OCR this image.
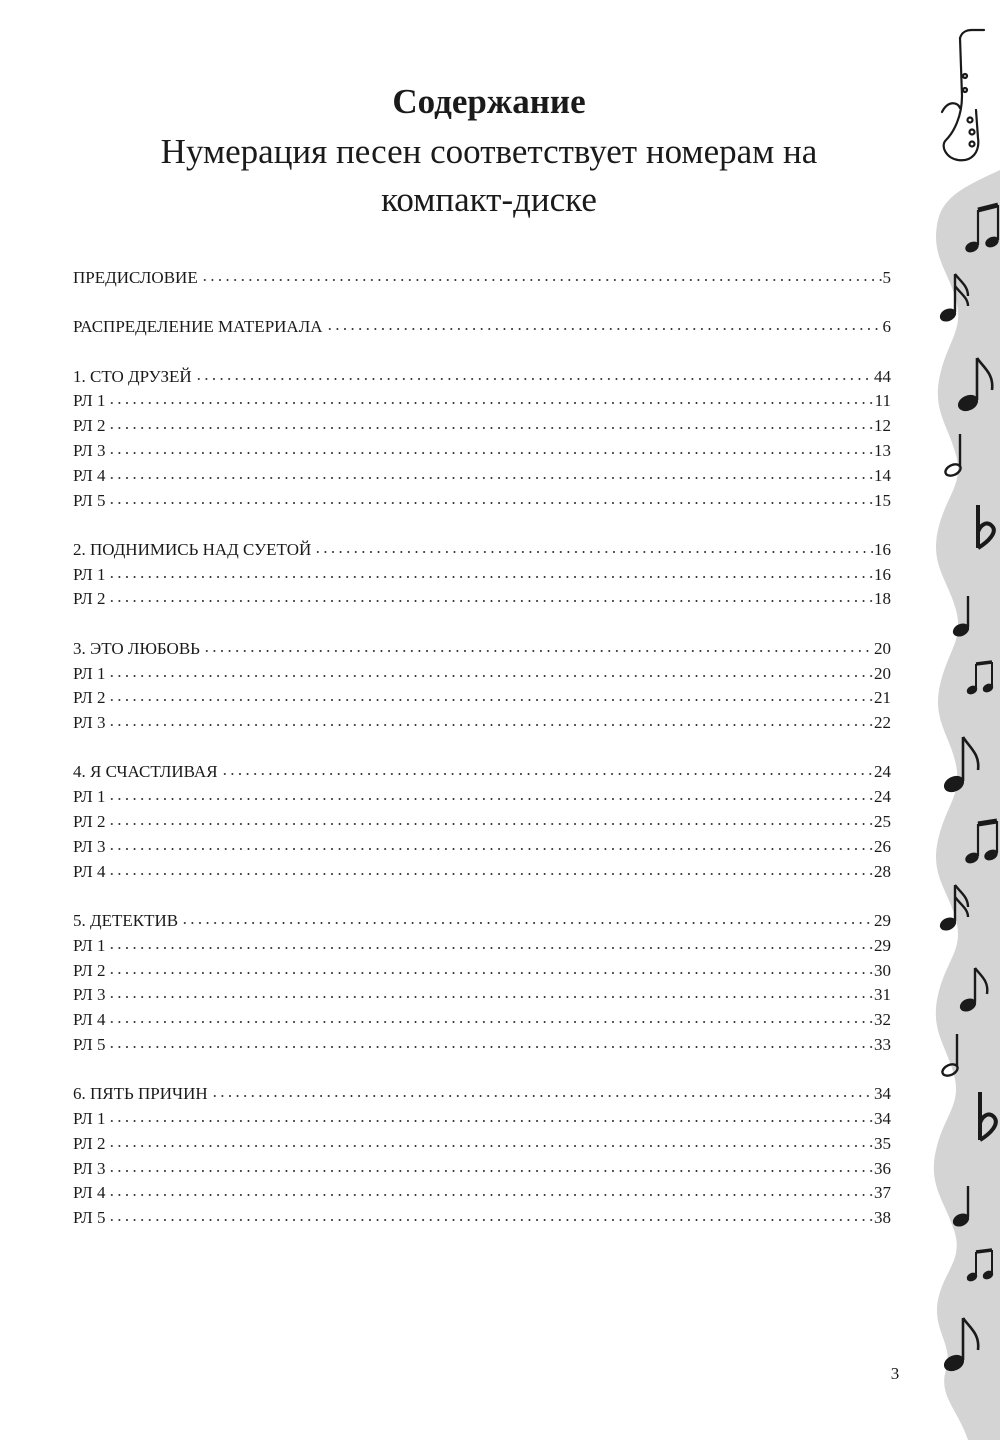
Содержание
Нумерация песен соответствует номерам на
компакт-диске
ПРЕДИСЛОВИЕ	5
РАСПРЕДЕЛЕНИЕ МАТЕРИАЛА	6
1. СТО ДРУЗЕЙ	44
РЛ 1	11
РЛ 2	12
РЛ 3	13
РЛ 4	14
РЛ 5	15
2. ПОДНИМИСЬ НАД СУЕТОЙ	16
РЛ 1	16
РЛ 2	18
3. ЭТО ЛЮБОВЬ	20
РЛ 1	20
РЛ 2	21
РЛ 3	22
4. Я СЧАСТЛИВАЯ	24
РЛ 1	24
РЛ 2	25
РЛ 3	26
РЛ 4	28
5. ДЕТЕКТИВ	29
РЛ 1	29
РЛ 2	30
РЛ 3	31
РЛ 4	32
РЛ 5	33
6. ПЯТЬ ПРИЧИН	34
РЛ 1	34
РЛ 2	35
РЛ 3	36
РЛ 4	37
РЛ 5	38
3
